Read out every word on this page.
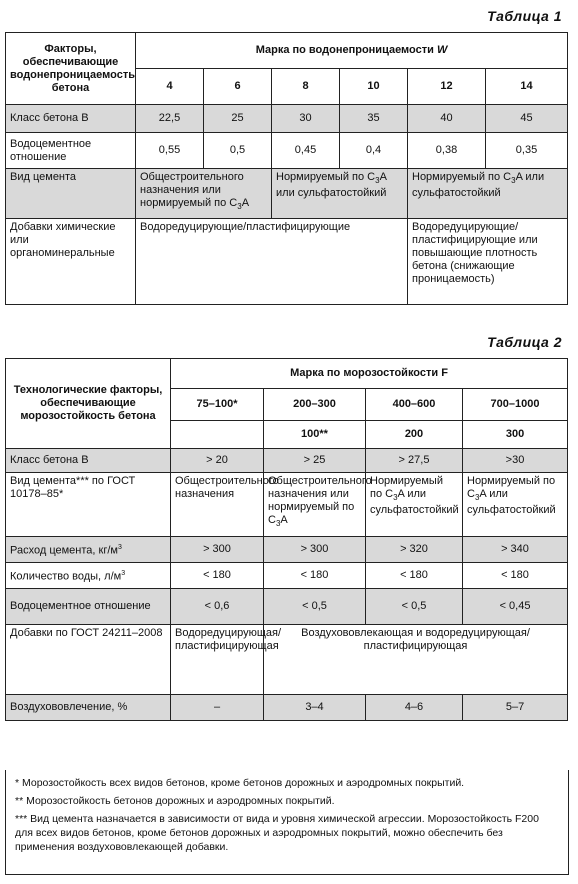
Таблица 1
Факторы, обеспечивающие водонепроницаемость бетона	Марка по водонепроницаемости W					
	4	6	8	10	12	14
Класс бетона В	22,5	25	30	35	40	45
Водоцементное отношение	0,55	0,5	0,45	0,4	0,38	0,35
Вид цемента	Общестроительного назначения или нормируемый по $C_3A$		Нормируемый по $C_3A$ или сульфатостойкий		Нормируемый по $C_3A$ или сульфатостойкий	
Добавки химические или органоминеральные	Водоредуцирующие/пластифицирующие				Водоредуцирующие/пластифицирующие или повышающие плотность бетона (снижающие проницаемость)	
Таблица 2
Технологические факторы, обеспечивающие морозостойкость бетона	Марка по морозостойкости F			
	75–100*	200–300	400–600	700–1000
		100**	200	300
Класс бетона В	> 20	> 25	> 27,5	>30
Вид цемента*** по ГОСТ 10178–85*	Общестроительного назначения	Общестроительного назначения или нормируемый по $C_3A$	Нормируемый по $C_3A$ или сульфатостойкий	Нормируемый по $C_3A$ или сульфатостойкий
Расход цемента, $кг/м^3$	> 300	> 300	> 320	> 340
Количество воды, $л/м^3$	< 180	< 180	< 180	< 180
Водоцементное отношение	< 0,6	< 0,5	< 0,5	< 0,45
Добавки по ГОСТ 24211–2008	Водоредуцирующая/пластифицирующая	Воздухововлекающая и водоредуцирующая/пластифицирующая		
Воздухововлечение, %	–	3–4	4–6	5–7

* Морозостойкость всех видов бетонов, кроме бетонов дорожных и аэродромных покрытий.

** Морозостойкость бетонов дорожных и аэродромных покрытий.

*** Вид цемента назначается в зависимости от вида и уровня химической агрессии. Морозостойкость F200 для всех видов бетонов, кроме бетонов дорожных и аэродромных покрытий, можно обеспечить без применения воздухововлекающей добавки.
